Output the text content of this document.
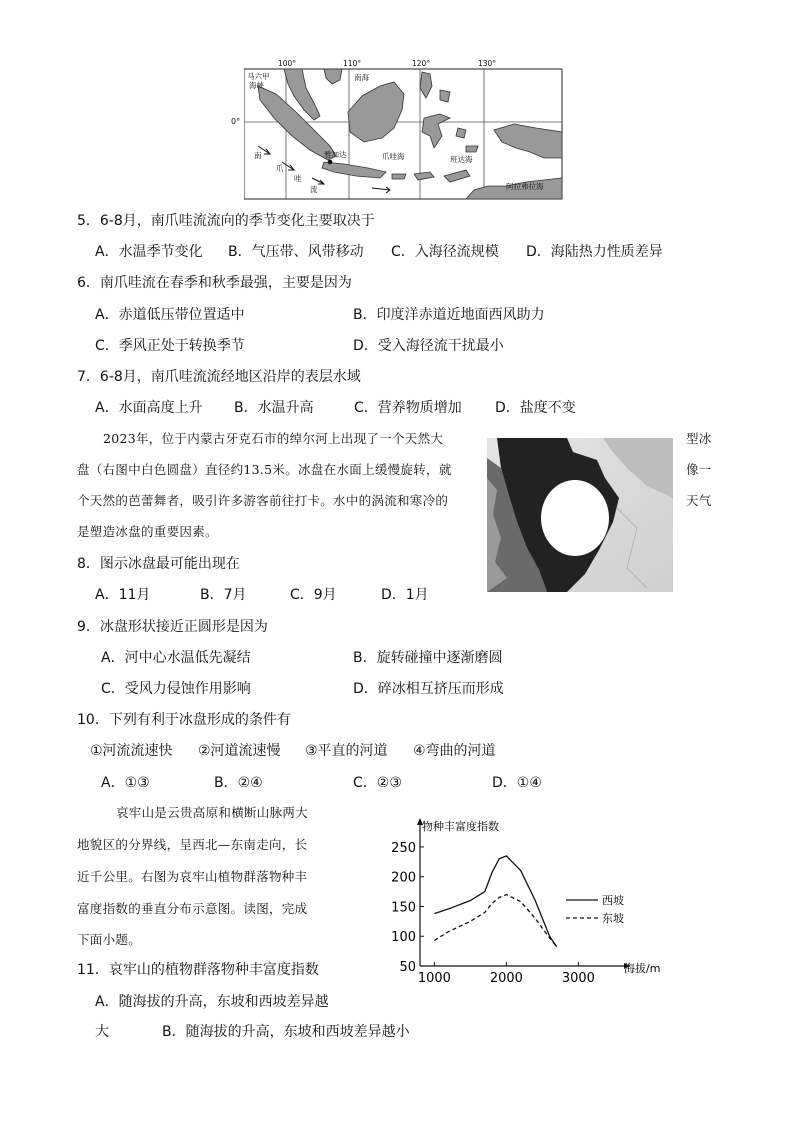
100°	110°	120°	130°
马六甲
海峡
南海
雅加达	爪哇海	班达海
阿拉弗拉海
南
爪
哇
流
0°
5．6-8月，南爪哇流流向的季节变化主要取决于
A．水温季节变化 B．气压带、风带移动 C．入海径流规模 D．海陆热力性质差异
6．南爪哇流在春季和秋季最强，主要是因为
A．赤道低压带位置适中	B．印度洋赤道近地面西风助力
C．季风正处于转换季节	D．受入海径流干扰最小
7．6-8月，南爪哇流流经地区沿岸的表层水域
A．水面高度上升 B．水温升高	C．营养物质增加 D．盐度不变
2023年，位于内蒙古牙克石市的绰尔河上出现了一个天然大
盘（右图中白色圆盘）直径约13.5米。冰盘在水面上缓慢旋转，就
个天然的芭蕾舞者，吸引许多游客前往打卡。水中的涡流和寒冷的
是塑造冰盘的重要因素。
型冰
像一
天气
8．图示冰盘最可能出现在
A．11月	B．7月	C．9月	D．1月
9．冰盘形状接近正圆形是因为
A．河中心水温低先凝结	B．旋转碰撞中逐渐磨圆
C．受风力侵蚀作用影响	D．碎冰相互挤压而形成
10．下列有利于冰盘形成的条件有
①河流流速快 ②河道流速慢 ③平直的河道 ④弯曲的河道
A．①③	B．②④	C．②③	D．①④
哀牢山是云贵高原和横断山脉两大
地貌区的分界线，呈西北—东南走向，长
近千公里。右图为哀牢山植物群落物种丰
富度指数的垂直分布示意图。读图，完成
下面小题。
物种丰富度指数
海拔/m
50
100
150
200
250
1000	2000	3000
西坡
东坡
11．哀牢山的植物群落物种丰富度指数
A．随海拔的升高，东坡和西坡差异越
大	B．随海拔的升高，东坡和西坡差异越小
